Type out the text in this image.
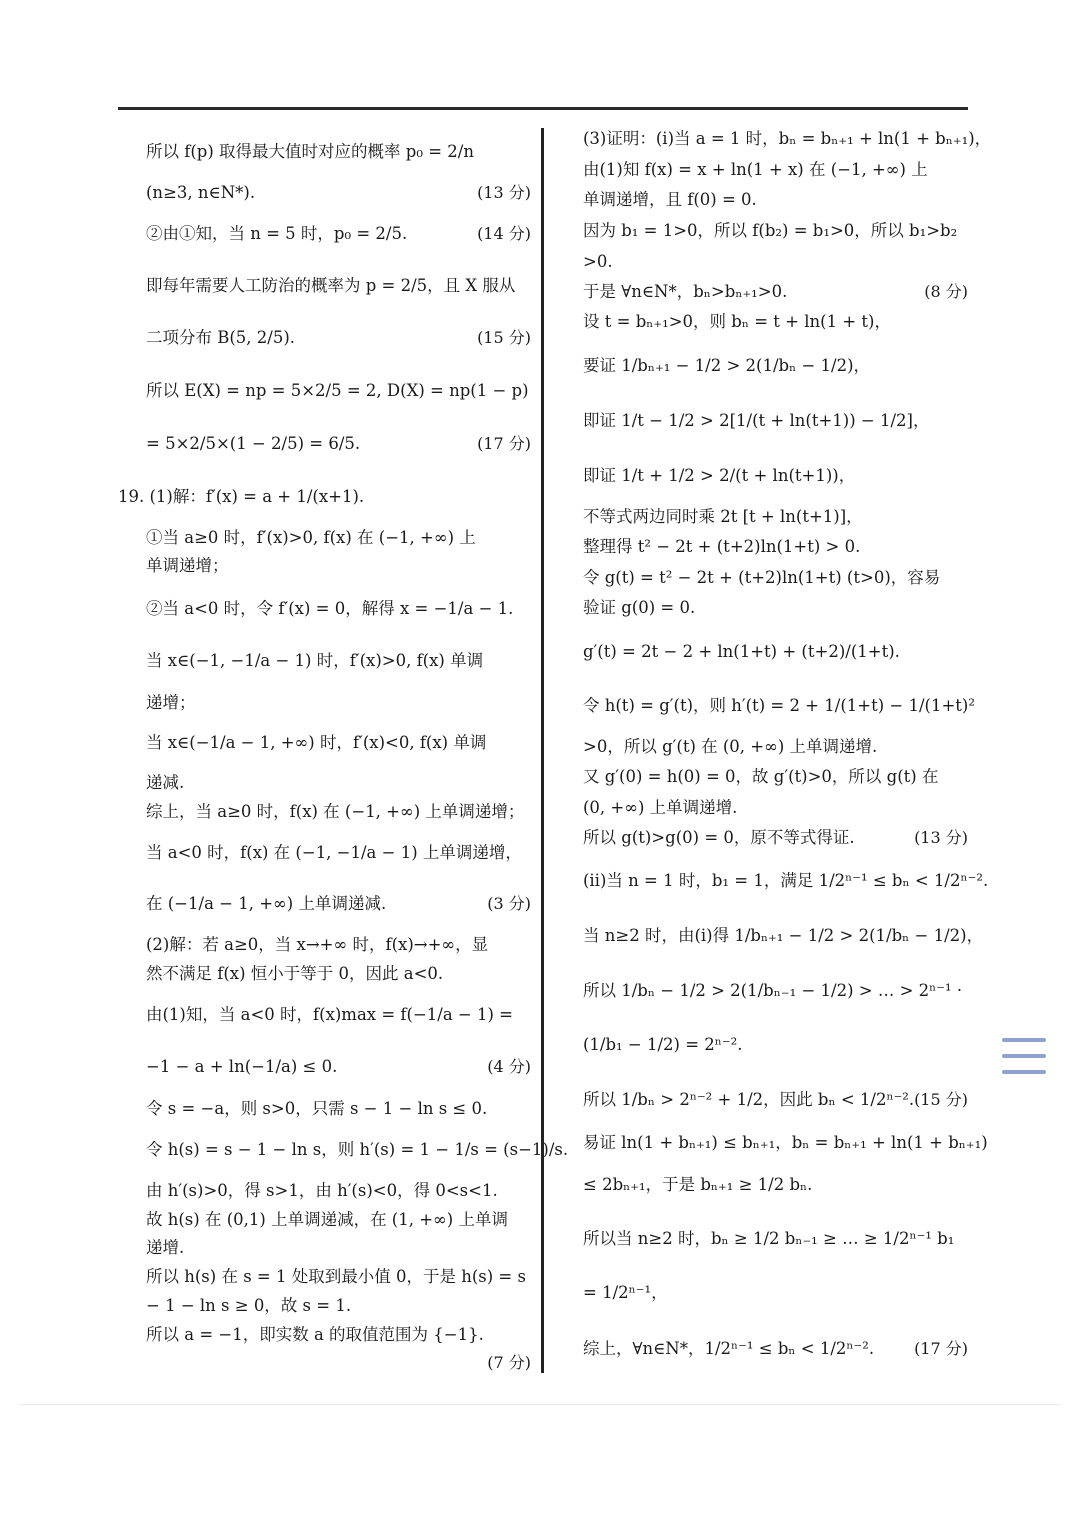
所以 f(p) 取得最大值时对应的概率 p₀ = 2/n
(n≥3, n∈N*).	(13 分)
②由①知，当 n = 5 时，p₀ = 2/5.	(14 分)
即每年需要人工防治的概率为 p = 2/5，且 X 服从
二项分布 B(5, 2/5).	(15 分)
所以 E(X) = np = 5×2/5 = 2, D(X) = np(1 − p)
= 5×2/5×(1 − 2/5) = 6/5.	(17 分)
19. (1)解：f′(x) = a + 1/(x+1).
①当 a≥0 时，f′(x)>0, f(x) 在 (−1, +∞) 上
单调递增；
②当 a<0 时，令 f′(x) = 0，解得 x = −1/a − 1.
当 x∈(−1, −1/a − 1) 时，f′(x)>0, f(x) 单调
递增；
当 x∈(−1/a − 1, +∞) 时，f′(x)<0, f(x) 单调
递减.
综上，当 a≥0 时，f(x) 在 (−1, +∞) 上单调递增；
当 a<0 时，f(x) 在 (−1, −1/a − 1) 上单调递增，
在 (−1/a − 1, +∞) 上单调递减.	(3 分)
(2)解：若 a≥0，当 x→+∞ 时，f(x)→+∞，显
然不满足 f(x) 恒小于等于 0，因此 a<0.
由(1)知，当 a<0 时，f(x)max = f(−1/a − 1) =
−1 − a + ln(−1/a) ≤ 0.	(4 分)
令 s = −a，则 s>0，只需 s − 1 − ln s ≤ 0.
令 h(s) = s − 1 − ln s，则 h′(s) = 1 − 1/s = (s−1)/s.
由 h′(s)>0，得 s>1，由 h′(s)<0，得 0<s<1.
故 h(s) 在 (0,1) 上单调递减，在 (1, +∞) 上单调
递增.
所以 h(s) 在 s = 1 处取到最小值 0，于是 h(s) = s
− 1 − ln s ≥ 0，故 s = 1.
所以 a = −1，即实数 a 的取值范围为 {−1}.
(7 分)
(3)证明：(ⅰ)当 a = 1 时，bₙ = bₙ₊₁ + ln(1 + bₙ₊₁)，
由(1)知 f(x) = x + ln(1 + x) 在 (−1, +∞) 上
单调递增，且 f(0) = 0.
因为 b₁ = 1>0，所以 f(b₂) = b₁>0，所以 b₁>b₂
>0.
于是 ∀n∈N*，bₙ>bₙ₊₁>0.	(8 分)
设 t = bₙ₊₁>0，则 bₙ = t + ln(1 + t)，
要证 1/bₙ₊₁ − 1/2 > 2(1/bₙ − 1/2)，
即证 1/t − 1/2 > 2[1/(t + ln(t+1)) − 1/2]，
即证 1/t + 1/2 > 2/(t + ln(t+1))，
不等式两边同时乘 2t [t + ln(t+1)]，
整理得 t² − 2t + (t+2)ln(1+t) > 0.
令 g(t) = t² − 2t + (t+2)ln(1+t) (t>0)，容易
验证 g(0) = 0.
g′(t) = 2t − 2 + ln(1+t) + (t+2)/(1+t).
令 h(t) = g′(t)，则 h′(t) = 2 + 1/(1+t) − 1/(1+t)²
>0，所以 g′(t) 在 (0, +∞) 上单调递增.
又 g′(0) = h(0) = 0，故 g′(t)>0，所以 g(t) 在
(0, +∞) 上单调递增.
所以 g(t)>g(0) = 0，原不等式得证.	(13 分)
(ⅱ)当 n = 1 时，b₁ = 1，满足 1/2ⁿ⁻¹ ≤ bₙ < 1/2ⁿ⁻².
当 n≥2 时，由(ⅰ)得 1/bₙ₊₁ − 1/2 > 2(1/bₙ − 1/2)，
所以 1/bₙ − 1/2 > 2(1/bₙ₋₁ − 1/2) > … > 2ⁿ⁻¹ ·
(1/b₁ − 1/2) = 2ⁿ⁻².
所以 1/bₙ > 2ⁿ⁻² + 1/2，因此 bₙ < 1/2ⁿ⁻². (15 分)
易证 ln(1 + bₙ₊₁) ≤ bₙ₊₁，bₙ = bₙ₊₁ + ln(1 + bₙ₊₁)
≤ 2bₙ₊₁，于是 bₙ₊₁ ≥ 1/2 bₙ.
所以当 n≥2 时，bₙ ≥ 1/2 bₙ₋₁ ≥ … ≥ 1/2ⁿ⁻¹ b₁
= 1/2ⁿ⁻¹，
综上，∀n∈N*，1/2ⁿ⁻¹ ≤ bₙ < 1/2ⁿ⁻². (17 分)
